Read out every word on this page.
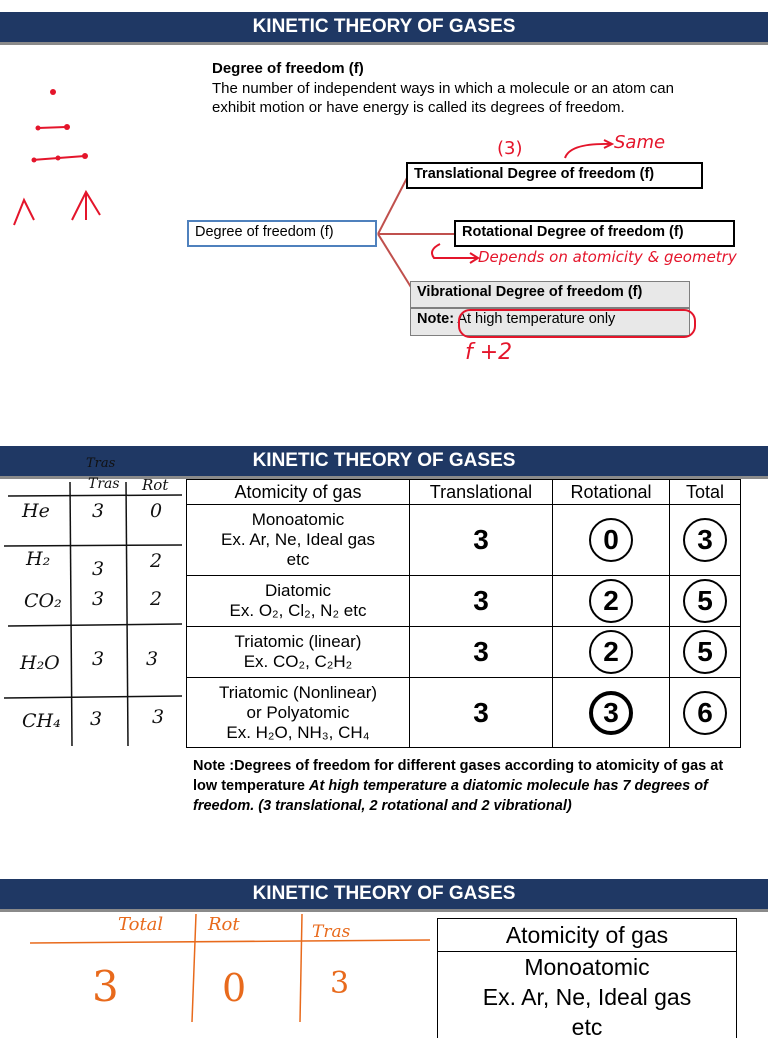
KINETIC THEORY OF GASES
Degree of freedom (f)
The number of independent ways in which a molecule or an atom can exhibit motion or have energy is called its degrees of freedom.
Degree of freedom (f)
Translational Degree of freedom (f)
Rotational Degree of freedom (f)
Vibrational Degree of freedom (f)
Note: At high temperature only
(3)	Same
Depends on atomicity & geometry
f +2
KINETIC THEORY OF GASES
Atomicity of gas	Translational	Rotational	Total

Monoatomic
Ex. Ar, Ne, Ideal gas
etc	3	0	3

Diatomic
Ex. O₂, Cl₂, N₂ etc	3	2	5

Triatomic (linear)
Ex. CO₂, C₂H₂	3	2	5

Triatomic (Nonlinear)
or Polyatomic
Ex. H₂O, NH₃, CH₄	3	3	6
Tras
Tras Rot
He 3 0
H₂ 3 2
CO₂ 3 2
H₂O 3 3
CH₄ 3	3
Note :Degrees of freedom for different gases according to atomicity of gas at low temperature At high temperature a diatomic molecule has 7 degrees of freedom. (3 translational, 2 rotational and 2 vibrational)
KINETIC THEORY OF GASES
Total Rot	Tras
3	0	3
Atomicity of gas
Monoatomic
Ex. Ar, Ne, Ideal gas
etc
